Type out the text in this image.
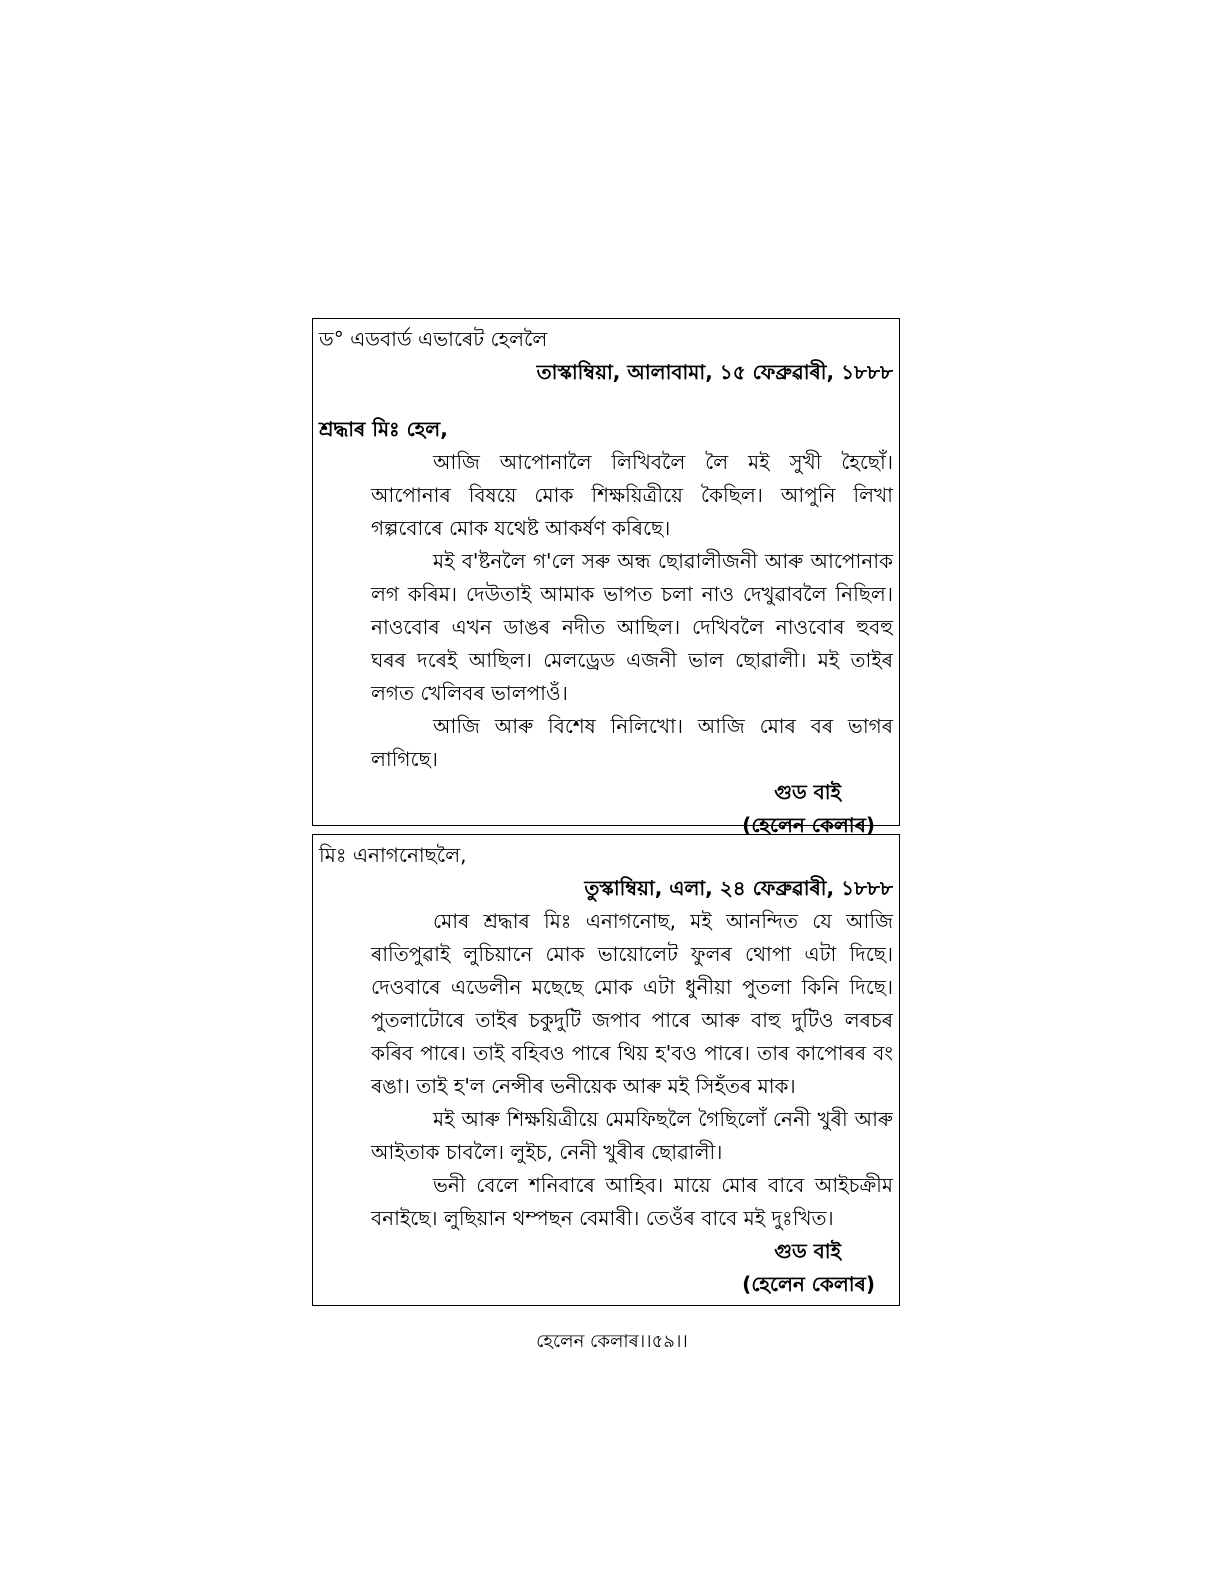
ড° এডবাৰ্ড এভাৰেট হেললৈ
তাস্কাম্বিয়া, আলাবামা, ১৫ ফেব্ৰুৱাৰী, ১৮৮৮
শ্ৰদ্ধাৰ মিঃ হেল,

আজি আপোনালৈ লিখিবলৈ লৈ মই সুখী হৈছোঁ। আপোনাৰ বিষয়ে মোক শিক্ষয়িত্ৰীয়ে কৈছিল। আপুনি লিখা গল্পবোৰে মোক যথেষ্ট আকৰ্ষণ কৰিছে।

মই ব'ষ্টনলৈ গ'লে সৰু অন্ধ ছোৱালীজনী আৰু আপোনাক লগ কৰিম। দেউতাই আমাক ভাপত চলা নাও দেখুৱাবলৈ নিছিল। নাওবোৰ এখন ডাঙৰ নদীত আছিল। দেখিবলৈ নাওবোৰ হুবহু ঘৰৰ দৰেই আছিল। মেলড্ৰেড এজনী ভাল ছোৱালী। মই তাইৰ লগত খেলিবৰ ভালপাওঁ।

আজি আৰু বিশেষ নিলিখো। আজি মোৰ বৰ ভাগৰ লাগিছে।

গুড বাই
(হেলেন কেলাৰ)
মিঃ এনাগনোছলৈ,
তুস্কাম্বিয়া, এলা, ২৪ ফেব্ৰুৱাৰী, ১৮৮৮

মোৰ শ্ৰদ্ধাৰ মিঃ এনাগনোছ, মই আনন্দিত যে আজি ৰাতিপুৱাই লুচিয়ানে মোক ভায়োলেট ফুলৰ থোপা এটা দিছে। দেওবাৰে এডেলীন মছেছে মোক এটা ধুনীয়া পুতলা কিনি দিছে। পুতলাটোৰে তাইৰ চকুদুটি জপাব পাৰে আৰু বাহু দুটিও লৰচৰ কৰিব পাৰে। তাই বহিবও পাৰে থিয় হ'বও পাৰে। তাৰ কাপোৰৰ বং ৰঙা। তাই হ'ল নেন্সীৰ ভনীয়েক আৰু মই সিহঁতৰ মাক।

মই আৰু শিক্ষয়িত্ৰীয়ে মেমফিছলৈ গৈছিলোঁ নেনী খুৰী আৰু আইতাক চাবলৈ। লুইচ, নেনী খুৰীৰ ছোৱালী।

ভনী বেলে শনিবাৰে আহিব। মায়ে মোৰ বাবে আইচক্ৰীম বনাইছে। লুছিয়ান থম্পছন বেমাৰী। তেওঁৰ বাবে মই দুঃখিত।

গুড বাই
(হেলেন কেলাৰ)
হেলেন কেলাৰ।।৫৯।।
